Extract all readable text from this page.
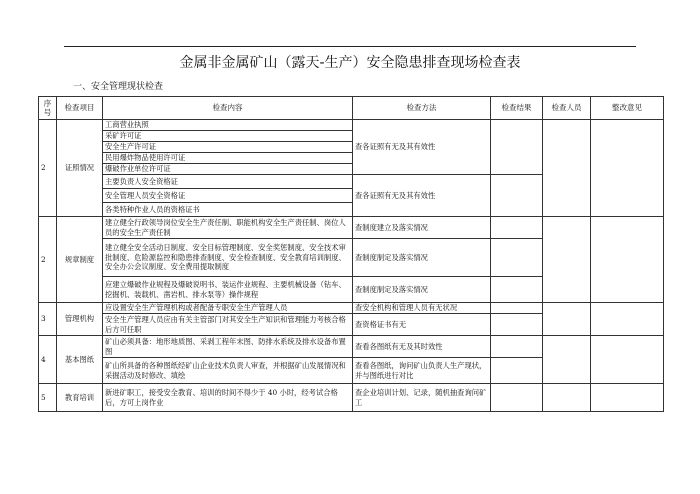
金属非金属矿山（露天-生产）安全隐患排查现场检查表
一、安全管理现状检查
序
号	检查项目	检查内容	检查方法	检查结果	检查人员	整改意见
2	证照情况	工商营业执照	查各证照有无及其有效性			
		采矿许可证				
		安全生产许可证				
		民用爆炸物品使用许可证				
		爆破作业单位许可证				
		主要负责人安全资格证	查各证照有无及其有效性			
		安全管理人员安全资格证				
		各类特种作业人员的资格证书				
2	规章制度	建立健全行政领导岗位安全生产责任制、职能机构安全生产责任制、岗位人员的安全生产责任制	查制度建立及落实情况			
		建立健全安全活动日制度、安全目标管理制度、安全奖惩制度、安全技术审批制度、危险源监控和隐患排查制度、安全检查制度、安全教育培训制度、安全办公会议制度、安全费用提取制度	查制度制定及落实情况			
		应建立爆破作业规程及爆破说明书、装运作业规程、主要机械设备（钻车、挖掘机、装载机、凿岩机、排水泵等）操作规程	查制度制定及落实情况			
3	管理机构	应设置安全生产管理机构或者配备专职安全生产管理人员	查安全机构和管理人员有无状况			
		安全生产管理人员应由有关主管部门对其安全生产知识和管理能力考核合格后方可任职	查资格证书有无			
4	基本图纸	矿山必须具备：地形地质图、采剥工程年末图、防排水系统及排水设备布置图	查看各图纸有无及其时效性			
		矿山所具备的各种图纸经矿山企业技术负责人审查，并根据矿山发展情况和采掘活动及时修改、填绘	查看各图纸，询问矿山负责人生产现状，并与图纸进行对比			
5	教育培训	新进矿职工，接受安全教育、培训的时间不得少于 40 小时，经考试合格后，方可上岗作业	查企业培训计划、记录，随机抽查询问矿工			
